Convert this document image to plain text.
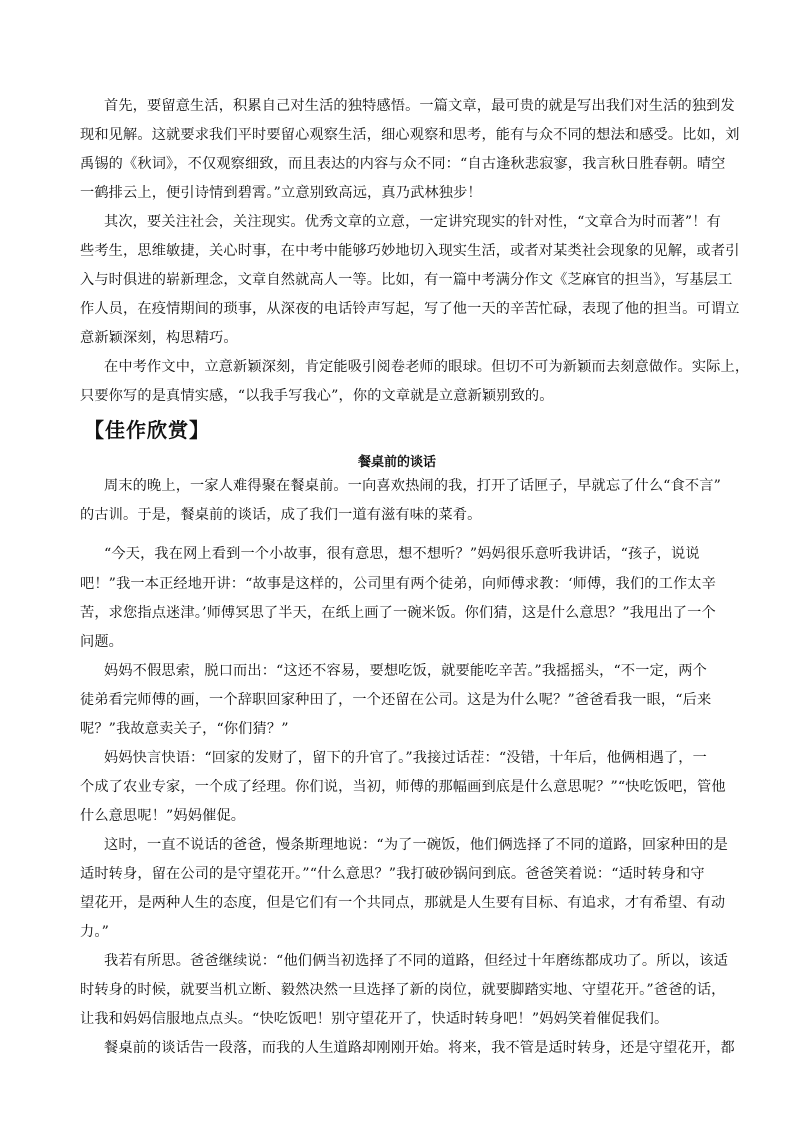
首先，要留意生活，积累自己对生活的独特感悟。一篇文章，最可贵的就是写出我们对生活的独到发
现和见解。这就要求我们平时要留心观察生活，细心观察和思考，能有与众不同的想法和感受。比如，刘
禹锡的《秋词》，不仅观察细致，而且表达的内容与众不同：“自古逢秋悲寂寥，我言秋日胜春朝。晴空
一鹤排云上，便引诗情到碧霄。”立意别致高远，真乃武林独步！
其次，要关注社会，关注现实。优秀文章的立意，一定讲究现实的针对性，“文章合为时而著”！有
些考生，思维敏捷，关心时事，在中考中能够巧妙地切入现实生活，或者对某类社会现象的见解，或者引
入与时俱进的崭新理念，文章自然就高人一等。比如，有一篇中考满分作文《芝麻官的担当》，写基层工
作人员，在疫情期间的琐事，从深夜的电话铃声写起，写了他一天的辛苦忙碌，表现了他的担当。可谓立
意新颖深刻，构思精巧。
在中考作文中，立意新颖深刻，肯定能吸引阅卷老师的眼球。但切不可为新颖而去刻意做作。实际上，
只要你写的是真情实感，“以我手写我心”，你的文章就是立意新颖别致的。
【佳作欣赏】
餐桌前的谈话
周末的晚上，一家人难得聚在餐桌前。一向喜欢热闹的我，打开了话匣子，早就忘了什么“食不言”
的古训。于是，餐桌前的谈话，成了我们一道有滋有味的菜肴。
“今天，我在网上看到一个小故事，很有意思，想不想听？”妈妈很乐意听我讲话，“孩子，说说
吧！”我一本正经地开讲：“故事是这样的，公司里有两个徒弟，向师傅求教：‘师傅，我们的工作太辛
苦，求您指点迷津。’师傅冥思了半天，在纸上画了一碗米饭。你们猜，这是什么意思？”我甩出了一个
问题。
妈妈不假思索，脱口而出：“这还不容易，要想吃饭，就要能吃辛苦。”我摇摇头，“不一定，两个
徒弟看完师傅的画，一个辞职回家种田了，一个还留在公司。这是为什么呢？”爸爸看我一眼，“后来
呢？”我故意卖关子，“你们猜？”
妈妈快言快语：“回家的发财了，留下的升官了。”我接过话茬：“没错，十年后，他俩相遇了，一
个成了农业专家，一个成了经理。你们说，当初，师傅的那幅画到底是什么意思呢？”“快吃饭吧，管他
什么意思呢！”妈妈催促。
这时，一直不说话的爸爸，慢条斯理地说：“为了一碗饭，他们俩选择了不同的道路，回家种田的是
适时转身，留在公司的是守望花开。”“什么意思？”我打破砂锅问到底。爸爸笑着说：“适时转身和守
望花开，是两种人生的态度，但是它们有一个共同点，那就是人生要有目标、有追求，才有希望、有动
力。”
我若有所思。爸爸继续说：“他们俩当初选择了不同的道路，但经过十年磨练都成功了。所以，该适
时转身的时候，就要当机立断、毅然决然一旦选择了新的岗位，就要脚踏实地、守望花开。”爸爸的话，
让我和妈妈信服地点点头。“快吃饭吧！别守望花开了，快适时转身吧！”妈妈笑着催促我们。
餐桌前的谈话告一段落，而我的人生道路却刚刚开始。将来，我不管是适时转身，还是守望花开，都
